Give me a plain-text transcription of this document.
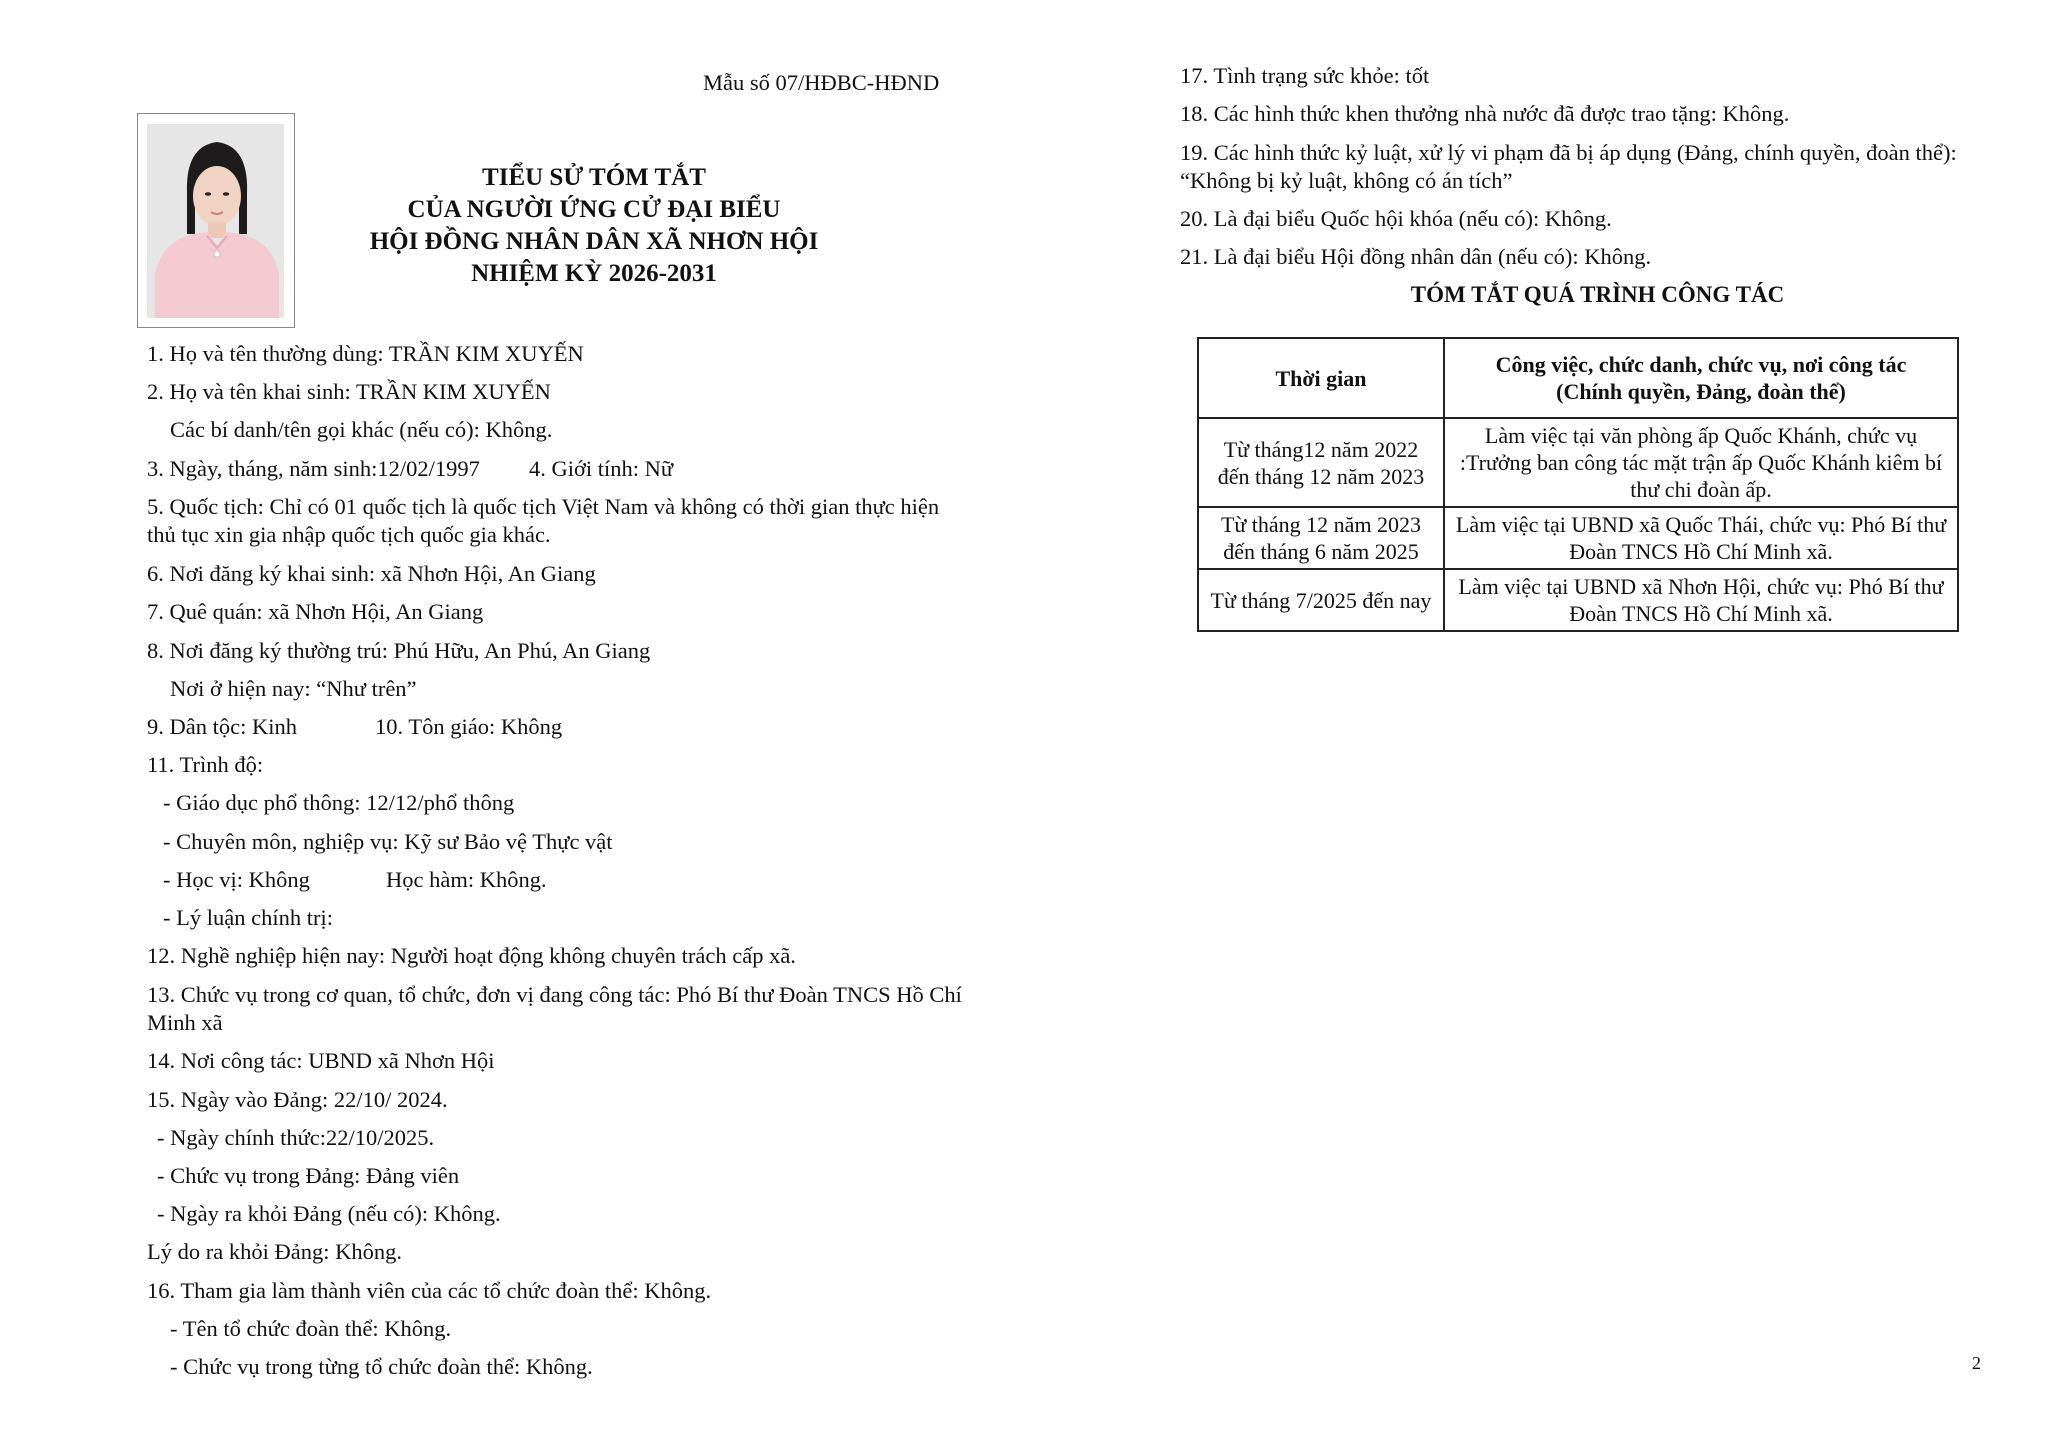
Mẫu số 07/HĐBC-HĐND
TIỂU SỬ TÓM TẮT
CỦA NGƯỜI ỨNG CỬ ĐẠI BIỂU
HỘI ĐỒNG NHÂN DÂN XÃ NHƠN HỘI
NHIỆM KỲ 2026-2031
1. Họ và tên thường dùng: TRẦN KIM XUYẾN
2. Họ và tên khai sinh: TRẦN KIM XUYẾN
Các bí danh/tên gọi khác (nếu có): Không.
3. Ngày, tháng, năm sinh:12/02/1997 4. Giới tính: Nữ
5. Quốc tịch: Chỉ có 01 quốc tịch là quốc tịch Việt Nam và không có thời gian thực hiện thủ tục xin gia nhập quốc tịch quốc gia khác.
6. Nơi đăng ký khai sinh: xã Nhơn Hội, An Giang
7. Quê quán: xã Nhơn Hội, An Giang
8. Nơi đăng ký thường trú: Phú Hữu, An Phú, An Giang
Nơi ở hiện nay: “Như trên”
9. Dân tộc: Kinh	10. Tôn giáo: Không
11. Trình độ:
- Giáo dục phổ thông: 12/12/phổ thông
- Chuyên môn, nghiệp vụ: Kỹ sư Bảo vệ Thực vật
- Học vị: Không	Học hàm: Không.
- Lý luận chính trị:
12. Nghề nghiệp hiện nay: Người hoạt động không chuyên trách cấp xã.
13. Chức vụ trong cơ quan, tổ chức, đơn vị đang công tác: Phó Bí thư Đoàn TNCS Hồ Chí Minh xã
14. Nơi công tác: UBND xã Nhơn Hội
15. Ngày vào Đảng: 22/10/ 2024.
- Ngày chính thức:22/10/2025.
- Chức vụ trong Đảng: Đảng viên
- Ngày ra khỏi Đảng (nếu có): Không.
Lý do ra khỏi Đảng: Không.
16. Tham gia làm thành viên của các tổ chức đoàn thể: Không.
- Tên tổ chức đoàn thể: Không.
- Chức vụ trong từng tổ chức đoàn thể: Không.
17. Tình trạng sức khỏe: tốt
18. Các hình thức khen thưởng nhà nước đã được trao tặng: Không.
19. Các hình thức kỷ luật, xử lý vi phạm đã bị áp dụng (Đảng, chính quyền, đoàn thể): “Không bị kỷ luật, không có án tích”
20. Là đại biểu Quốc hội khóa (nếu có): Không.
21. Là đại biểu Hội đồng nhân dân (nếu có): Không.
TÓM TẮT QUÁ TRÌNH CÔNG TÁC
Thời gian	Công việc, chức danh, chức vụ, nơi công tác
(Chính quyền, Đảng, đoàn thể)

Từ tháng12 năm 2022 đến tháng 12 năm 2023	Làm việc tại văn phòng ấp Quốc Khánh, chức vụ :Trưởng ban công tác mặt trận ấp Quốc Khánh kiêm bí thư chi đoàn ấp.
Từ tháng 12 năm 2023 đến tháng 6 năm 2025	Làm việc tại UBND xã Quốc Thái, chức vụ: Phó Bí thư Đoàn TNCS Hồ Chí Minh xã.
Từ tháng 7/2025 đến nay	Làm việc tại UBND xã Nhơn Hội, chức vụ: Phó Bí thư Đoàn TNCS Hồ Chí Minh xã.
2
